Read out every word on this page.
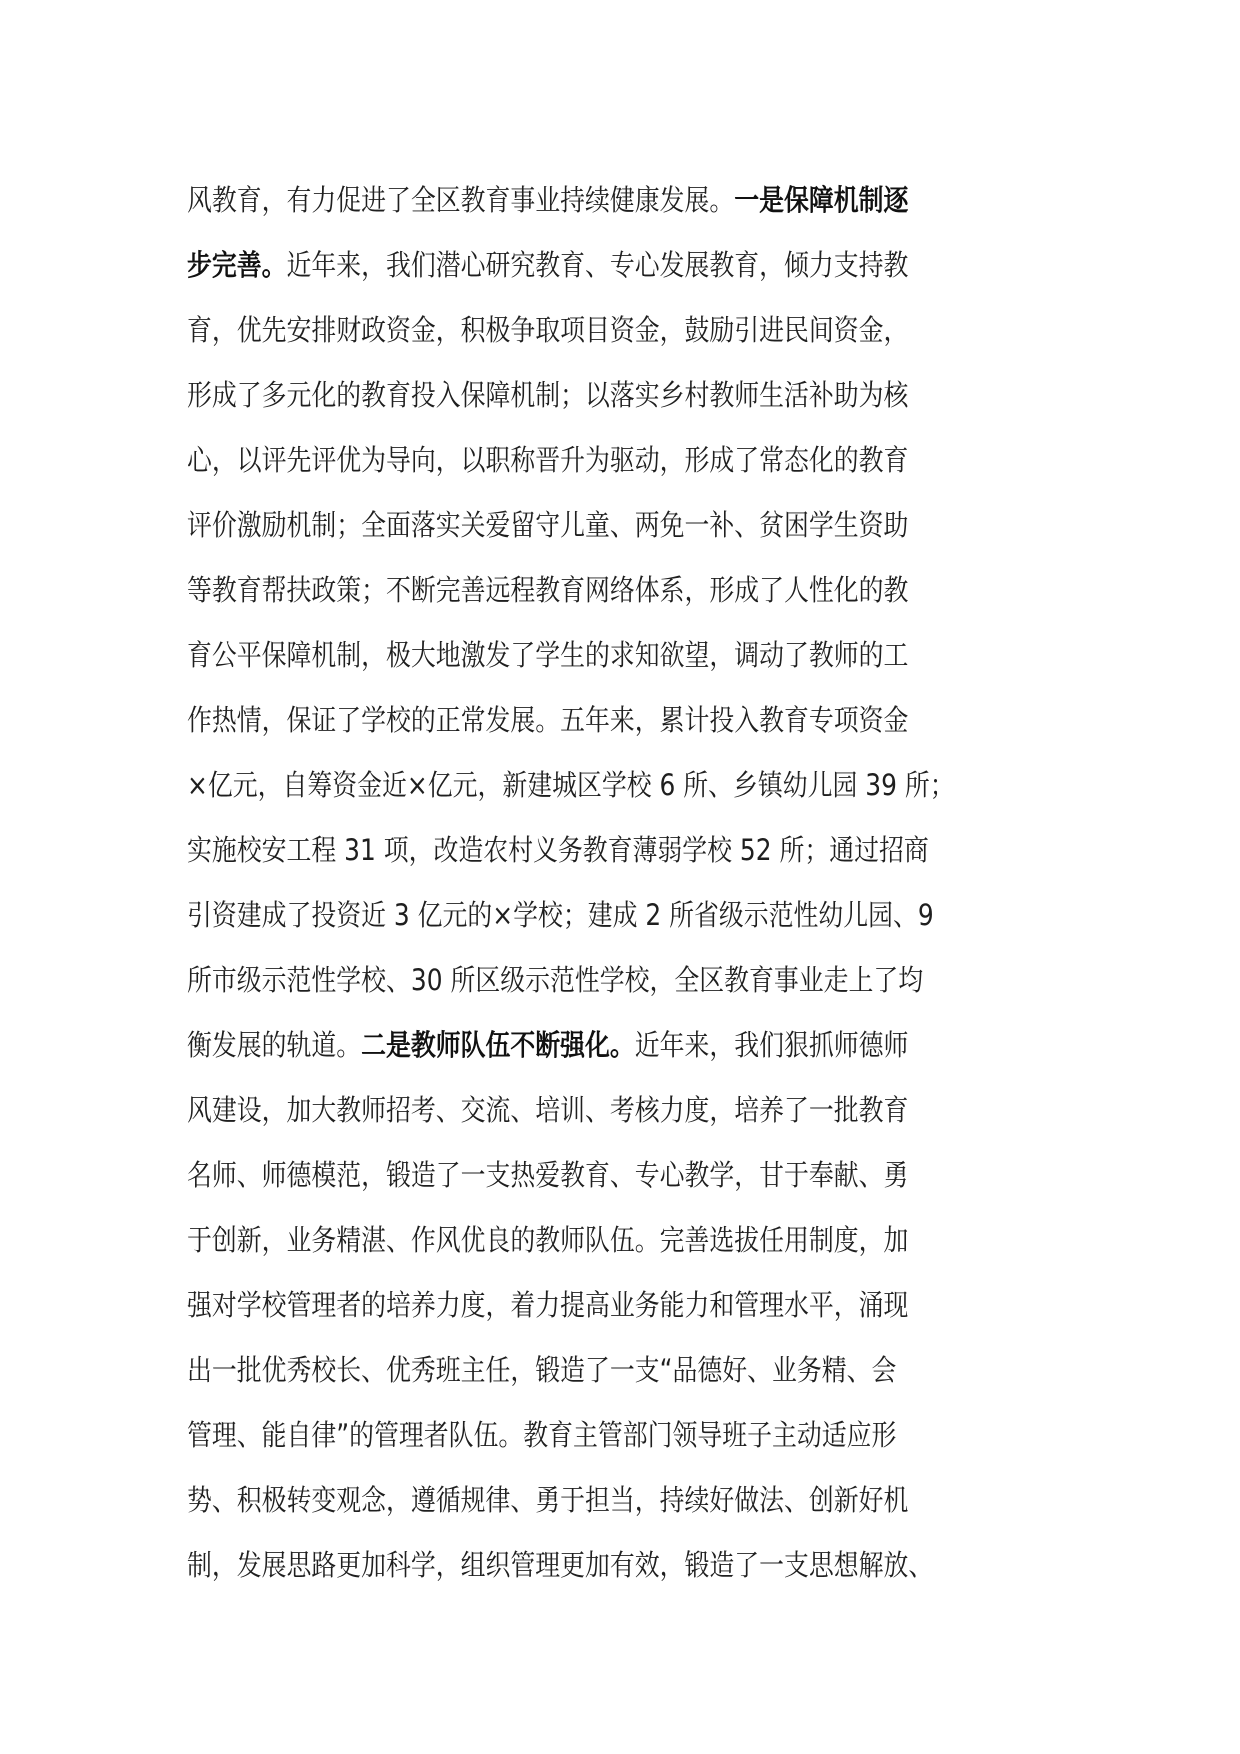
风教育，有力促进了全区教育事业持续健康发展。一是保障机制逐
步完善。近年来，我们潜心研究教育、专心发展教育，倾力支持教
育，优先安排财政资金，积极争取项目资金，鼓励引进民间资金，
形成了多元化的教育投入保障机制；以落实乡村教师生活补助为核
心，以评先评优为导向，以职称晋升为驱动，形成了常态化的教育
评价激励机制；全面落实关爱留守儿童、两免一补、贫困学生资助
等教育帮扶政策；不断完善远程教育网络体系，形成了人性化的教
育公平保障机制，极大地激发了学生的求知欲望，调动了教师的工
作热情，保证了学校的正常发展。五年来，累计投入教育专项资金
×亿元，自筹资金近×亿元，新建城区学校 6 所、乡镇幼儿园 39 所；
实施校安工程 31 项，改造农村义务教育薄弱学校 52 所；通过招商
引资建成了投资近 3 亿元的×学校；建成 2 所省级示范性幼儿园、9
所市级示范性学校、30 所区级示范性学校，全区教育事业走上了均
衡发展的轨道。二是教师队伍不断强化。近年来，我们狠抓师德师
风建设，加大教师招考、交流、培训、考核力度，培养了一批教育
名师、师德模范，锻造了一支热爱教育、专心教学，甘于奉献、勇
于创新，业务精湛、作风优良的教师队伍。完善选拔任用制度，加
强对学校管理者的培养力度，着力提高业务能力和管理水平，涌现
出一批优秀校长、优秀班主任，锻造了一支“品德好、业务精、会
管理、能自律”的管理者队伍。教育主管部门领导班子主动适应形
势、积极转变观念，遵循规律、勇于担当，持续好做法、创新好机
制，发展思路更加科学，组织管理更加有效，锻造了一支思想解放、
